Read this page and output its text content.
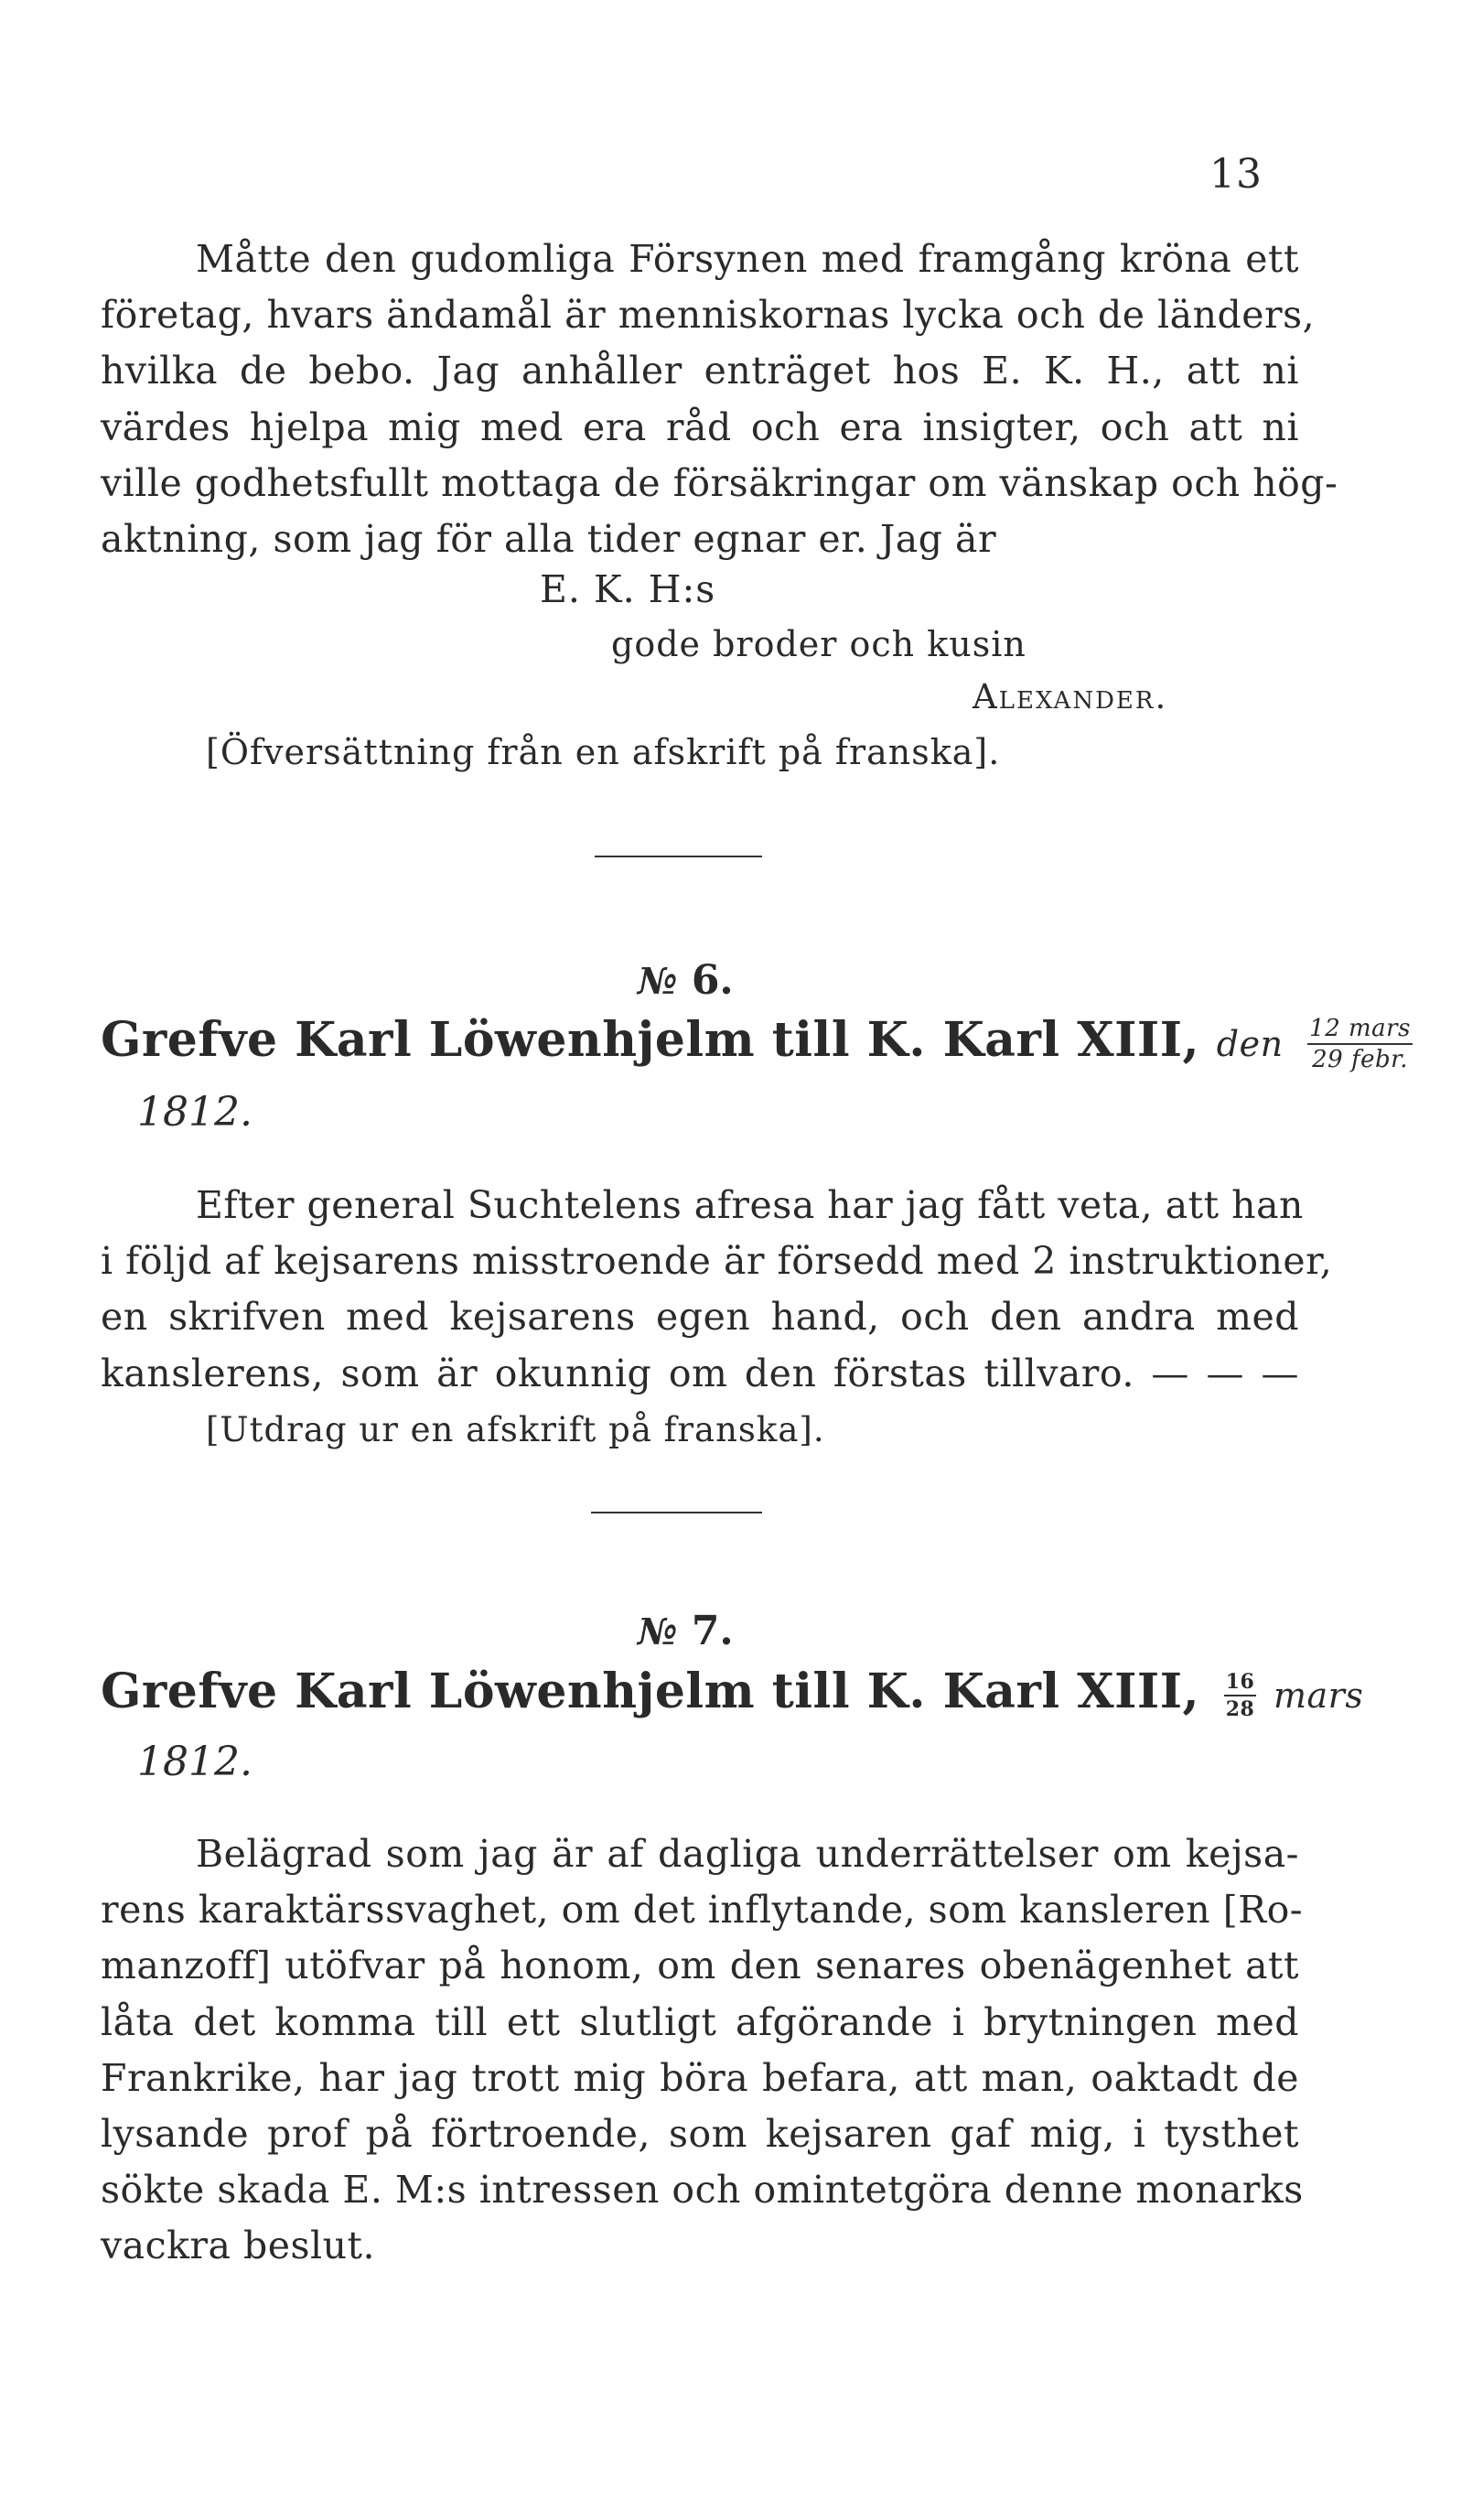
13
Måtte den gudomliga Försynen med framgång kröna ett
företag, hvars ändamål är menniskornas lycka och de länders,
hvilka de bebo. Jag anhåller enträget hos E. K. H., att ni
värdes hjelpa mig med era råd och era insigter, och att ni
ville godhetsfullt mottaga de försäkringar om vänskap och hög-
aktning, som jag för alla tider egnar er. Jag är
E. K. H:s
gode broder och kusin
Alexander.
[Öfversättning från en afskrift på franska].
№ 6.
Grefve Karl Löwenhjelm till K. Karl XIII, den $\frac{\text{12 mars}}{\text{29 febr.}}$
1812.
Efter general Suchtelens afresa har jag fått veta, att han
i följd af kejsarens misstroende är försedd med 2 instruktioner,
en skrifven med kejsarens egen hand, och den andra med
kanslerens, som är okunnig om den förstas tillvaro. — — —
[Utdrag ur en afskrift på franska].
№ 7.
Grefve Karl Löwenhjelm till K. Karl XIII, $\frac{16}{28}$ mars
1812.
Belägrad som jag är af dagliga underrättelser om kejsa-
rens karaktärssvaghet, om det inflytande, som kansleren [Ro-
manzoff] utöfvar på honom, om den senares obenägenhet att
låta det komma till ett slutligt afgörande i brytningen med
Frankrike, har jag trott mig böra befara, att man, oaktadt de
lysande prof på förtroende, som kejsaren gaf mig, i tysthet
sökte skada E. M:s intressen och omintetgöra denne monarks
vackra beslut.
